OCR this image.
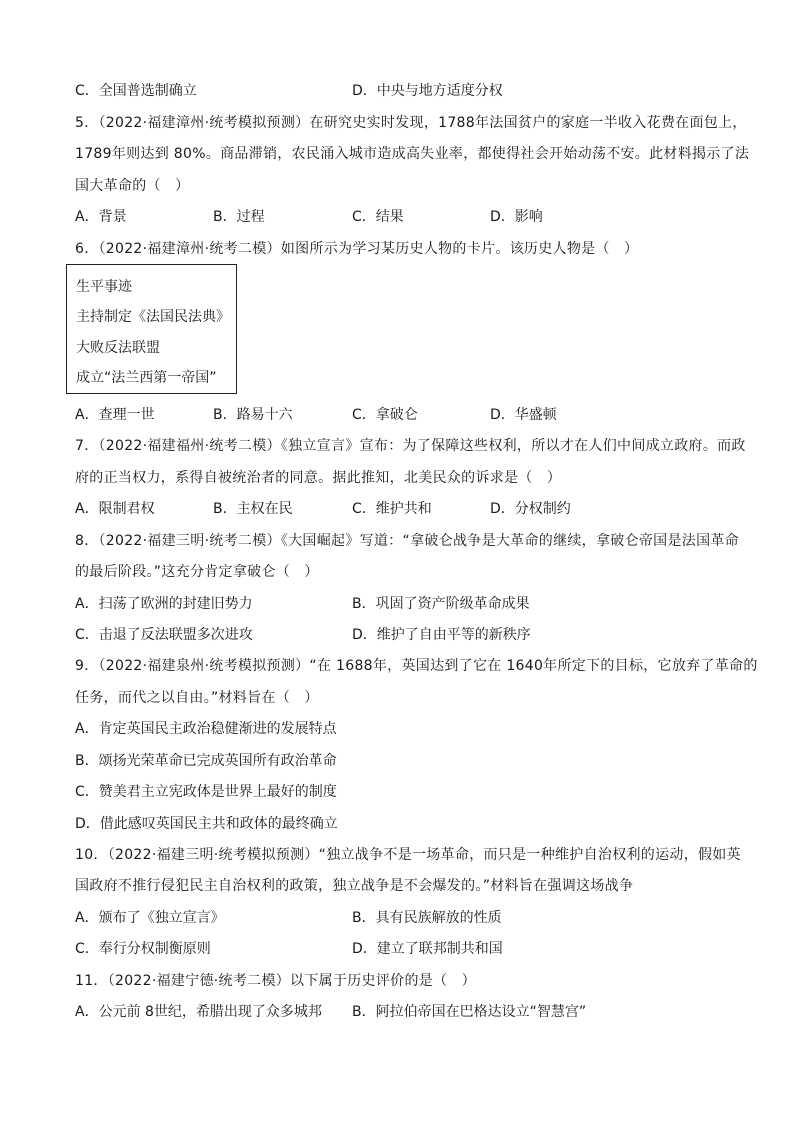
C．全国普选制确立	D．中央与地方适度分权
5．（2022·福建漳州·统考模拟预测）在研究史实时发现，1788年法国贫户的家庭一半收入花费在面包上，
1789年则达到 80%。商品滞销，农民涌入城市造成高失业率，都使得社会开始动荡不安。此材料揭示了法
国大革命的（　）
A．背景	B．过程	C．结果	D．影响
6．（2022·福建漳州·统考二模）如图所示为学习某历史人物的卡片。该历史人物是（　）
生平事迹
主持制定《法国民法典》
大败反法联盟
成立“法兰西第一帝国”
A．查理一世	B．路易十六	C．拿破仑	D．华盛顿
7．（2022·福建福州·统考二模）《独立宣言》宣布：为了保障这些权利，所以才在人们中间成立政府。而政
府的正当权力，系得自被统治者的同意。据此推知，北美民众的诉求是（　）
A．限制君权	B．主权在民	C．维护共和	D．分权制约
8．（2022·福建三明·统考二模）《大国崛起》写道：“拿破仑战争是大革命的继续，拿破仑帝国是法国革命
的最后阶段。”这充分肯定拿破仑（　）
A．扫荡了欧洲的封建旧势力	B．巩固了资产阶级革命成果
C．击退了反法联盟多次进攻	D．维护了自由平等的新秩序
9．（2022·福建泉州·统考模拟预测）“在 1688年，英国达到了它在 1640年所定下的目标，它放弃了革命的
任务，而代之以自由。”材料旨在（　）
A．肯定英国民主政治稳健渐进的发展特点
B．颂扬光荣革命已完成英国所有政治革命
C．赞美君主立宪政体是世界上最好的制度
D．借此感叹英国民主共和政体的最终确立
10．（2022·福建三明·统考模拟预测）“独立战争不是一场革命，而只是一种维护自治权利的运动，假如英
国政府不推行侵犯民主自治权利的政策，独立战争是不会爆发的。”材料旨在强调这场战争
A．颁布了《独立宣言》	B．具有民族解放的性质
C．奉行分权制衡原则	D．建立了联邦制共和国
11．（2022·福建宁德·统考二模）以下属于历史评价的是（　）
A．公元前 8世纪，希腊出现了众多城邦 B．阿拉伯帝国在巴格达设立“智慧宫”
